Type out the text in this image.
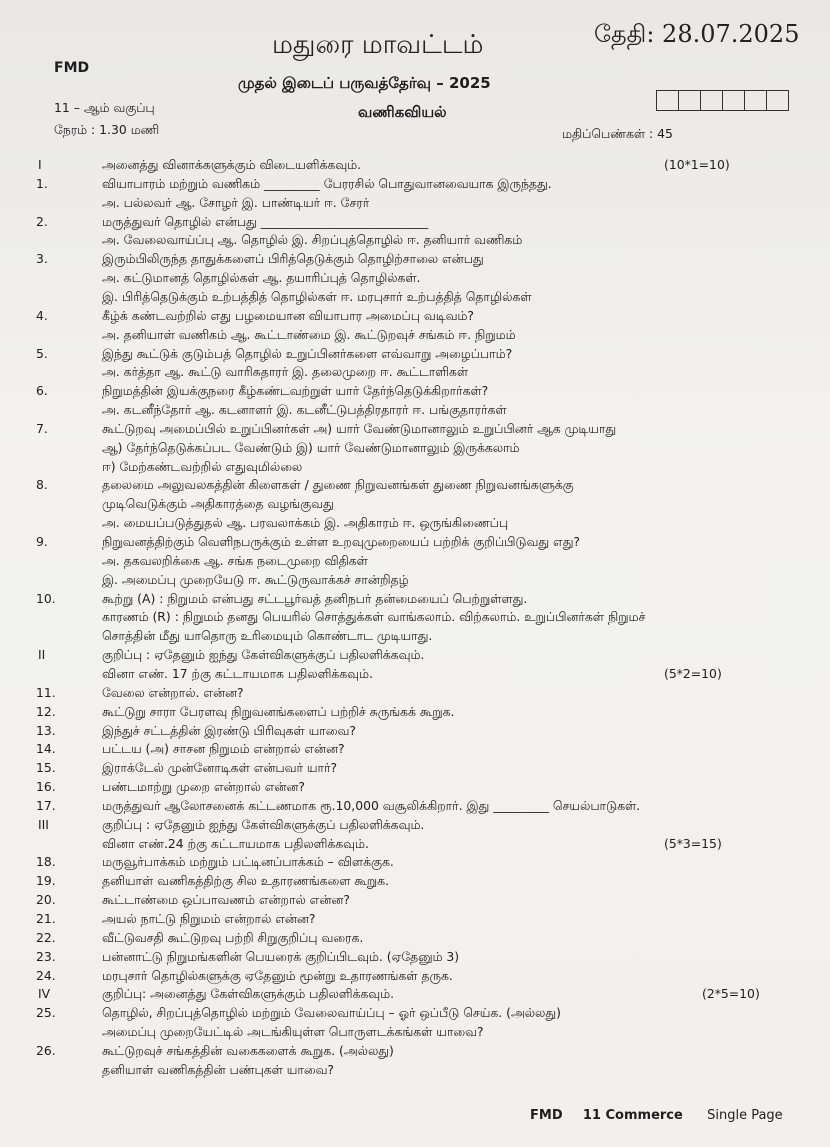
மதுரை மாவட்டம்	தேதி: 28.07.2025
FMD
முதல் இடைப் பருவத்தேர்வு – 2025
வணிகவியல்
11 – ஆம் வகுப்பு
நேரம் : 1.30 மணி	மதிப்பெண்கள் : 45
I	அனைத்து வினாக்களுக்கும் விடையளிக்கவும்.	(10*1=10)
1.	வியாபாரம் மற்றும் வணிகம் _________ பேரரசில் பொதுவானவையாக இருந்தது.
அ. பல்லவர் ஆ. சோழர் இ. பாண்டியர் ஈ. சேரர்
2.	மருத்துவர் தொழில் என்பது ___________________________
அ. வேலைவாய்ப்பு ஆ. தொழில் இ. சிறப்புத்தொழில் ஈ. தனியார் வணிகம்
3.	இரும்பிலிருந்த தாதுக்களைப் பிரித்தெடுக்கும் தொழிற்சாலை என்பது
அ. கட்டுமானத் தொழில்கள் ஆ. தயாரிப்புத் தொழில்கள்.
இ. பிரித்தெடுக்கும் உற்பத்தித் தொழில்கள் ஈ. மரபுசார் உற்பத்தித் தொழில்கள்
4.	கீழ்க் கண்டவற்றில் எது பழமையான வியாபார அமைப்பு வடிவம்?
அ. தனியாள் வணிகம் ஆ. கூட்டாண்மை இ. கூட்டுறவுச் சங்கம் ஈ. நிறுமம்
5.	இந்து கூட்டுக் குடும்பத் தொழில் உறுப்பினர்களை எவ்வாறு அழைப்பாம்?
அ. கர்த்தா ஆ. கூட்டு வாரிசுதாரர் இ. தலைமுறை ஈ. கூட்டாளிகள்
6.	நிறுமத்தின் இயக்குநரை கீழ்கண்டவற்றுள் யார் தேர்ந்தெடுக்கிறார்கள்?
அ. கடனீந்தோர் ஆ. கடனாளர் இ. கடனீட்டுபத்திரதாரர் ஈ. பங்குதாரர்கள்
7.	கூட்டுறவு அமைப்பில் உறுப்பினர்கள் அ) யார் வேண்டுமானாலும் உறுப்பினர் ஆக முடியாது
ஆ) தேர்ந்தெடுக்கப்பட வேண்டும் இ) யார் வேண்டுமானாலும் இருக்கலாம்
ஈ) மேற்கண்டவற்றில் எதுவுமில்லை
8.	தலைமை அலுவலகத்தின் கிளைகள் / துணை நிறுவனங்கள் துணை நிறுவனங்களுக்கு
முடிவெடுக்கும் அதிகாரத்தை வழங்குவது
அ. மையப்படுத்துதல் ஆ. பரவலாக்கம் இ. அதிகாரம் ஈ. ஒருங்கிணைப்பு
9.	நிறுவனத்திற்கும் வெளிநபருக்கும் உள்ள உறவுமுறையைப் பற்றிக் குறிப்பிடுவது எது?
அ. தகவலறிக்கை ஆ. சங்க நடைமுறை விதிகள்
இ. அமைப்பு முறையேடு ஈ. கூட்டுருவாக்கச் சான்றிதழ்
10.	கூற்று (A) : நிறுமம் என்பது சட்டபூர்வத் தனிநபர் தன்மையைப் பெற்றுள்ளது.
காரணம் (R) : நிறுமம் தனது பெயரில் சொத்துக்கள் வாங்கலாம். விற்கலாம். உறுப்பினர்கள் நிறுமச்
சொத்தின் மீது யாதொரு உரிமையும் கொண்டாட முடியாது.
II	குறிப்பு : ஏதேனும் ஐந்து கேள்விகளுக்குப் பதிலளிக்கவும்.
வினா எண். 17 ற்கு கட்டாயமாக பதிலளிக்கவும்.	(5*2=10)
11.	வேலை என்றால். என்ன?
12.	கூட்டுறு சாரா பேரளவு நிறுவனங்களைப் பற்றிச் சுருங்கக் கூறுக.
13.	இந்துச் சட்டத்தின் இரண்டு பிரிவுகள் யாவை?
14.	பட்டய (அ) சாசன நிறுமம் என்றால் என்ன?
15.	இராக்டேல் முன்னோடிகள் என்பவர் யார்?
16.	பண்டமாற்று முறை என்றால் என்ன?
17.	மருத்துவர் ஆலோசனைக் கட்டணமாக ரூ.10,000 வசூலிக்கிறார். இது _________ செயல்பாடுகள்.
III	குறிப்பு : ஏதேனும் ஐந்து கேள்விகளுக்குப் பதிலளிக்கவும்.
வினா எண்.24 ற்கு கட்டாயமாக பதிலளிக்கவும்.	(5*3=15)
18.	மருவூர்பாக்கம் மற்றும் பட்டினப்பாக்கம் – விளக்குக.
19.	தனியாள் வணிகத்திற்கு சில உதாரணங்களை கூறுக.
20.	கூட்டாண்மை ஒப்பாவணம் என்றால் என்ன?
21.	அயல் நாட்டு நிறுமம் என்றால் என்ன?
22.	வீட்டுவசதி கூட்டுறவு பற்றி சிறுகுறிப்பு வரைக.
23.	பன்னாட்டு நிறுமங்களின் பெயரைக் குறிப்பிடவும். (ஏதேனும் 3)
24.	மரபுசார் தொழில்களுக்கு ஏதேனும் மூன்று உதாரணங்கள் தருக.
IV	குறிப்பு: அனைத்து கேள்விகளுக்கும் பதிலளிக்கவும்.	(2*5=10)
25.	தொழில், சிறப்புத்தொழில் மற்றும் வேலைவாய்ப்பு – ஓர் ஒப்பீடு செய்க. (அல்லது)
அமைப்பு முறையேட்டில் அடங்கியுள்ள பொருளடக்கங்கள் யாவை?
26.	கூட்டுறவுச் சங்கத்தின் வகைகளைக் கூறுக. (அல்லது)
தனியாள் வணிகத்தின் பண்புகள் யாவை?
FMD 11 Commerce Single Page
